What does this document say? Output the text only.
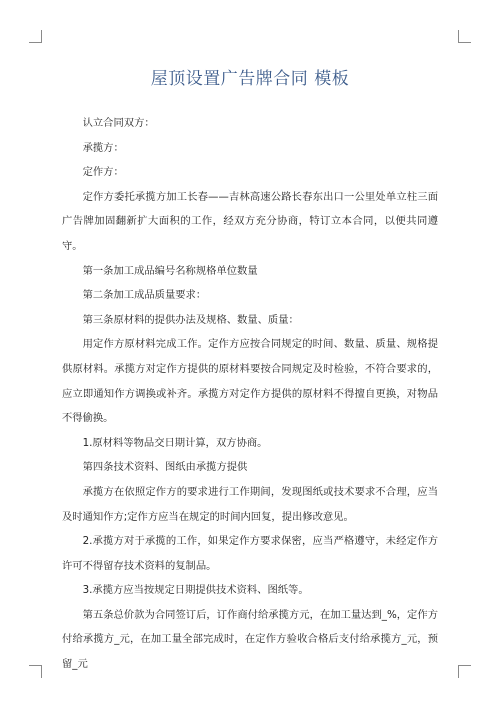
屋顶设置广告牌合同 模板

认立合同双方：

承揽方：

定作方：

定作方委托承揽方加工长春——吉林高速公路长春东出口一公里处单立柱三面广告牌加固翻新扩大面积的工作，经双方充分协商，特订立本合同，以便共同遵守。

第一条加工成品编号名称规格单位数量

第二条加工成品质量要求：

第三条原材料的提供办法及规格、数量、质量：

用定作方原材料完成工作。定作方应按合同规定的时间、数量、质量、规格提供原材料。承揽方对定作方提供的原材料要按合同规定及时检验，不符合要求的，应立即通知作方调换或补齐。承揽方对定作方提供的原材料不得擅自更换，对物品不得偷换。

1.原材料等物品交日期计算，双方协商。

第四条技术资料、图纸由承揽方提供

承揽方在依照定作方的要求进行工作期间，发现图纸或技术要求不合理，应当及时通知作方;定作方应当在规定的时间内回复，提出修改意见。

2.承揽方对于承揽的工作，如果定作方要求保密，应当严格遵守，未经定作方许可不得留存技术资料的复制品。

3.承揽方应当按规定日期提供技术资料、图纸等。

第五条总价款为合同签订后，订作商付给承揽方元，在加工量达到_%，定作方付给承揽方_元，在加工量全部完成时，在定作方验收合格后支付给承揽方_元，预留_元
